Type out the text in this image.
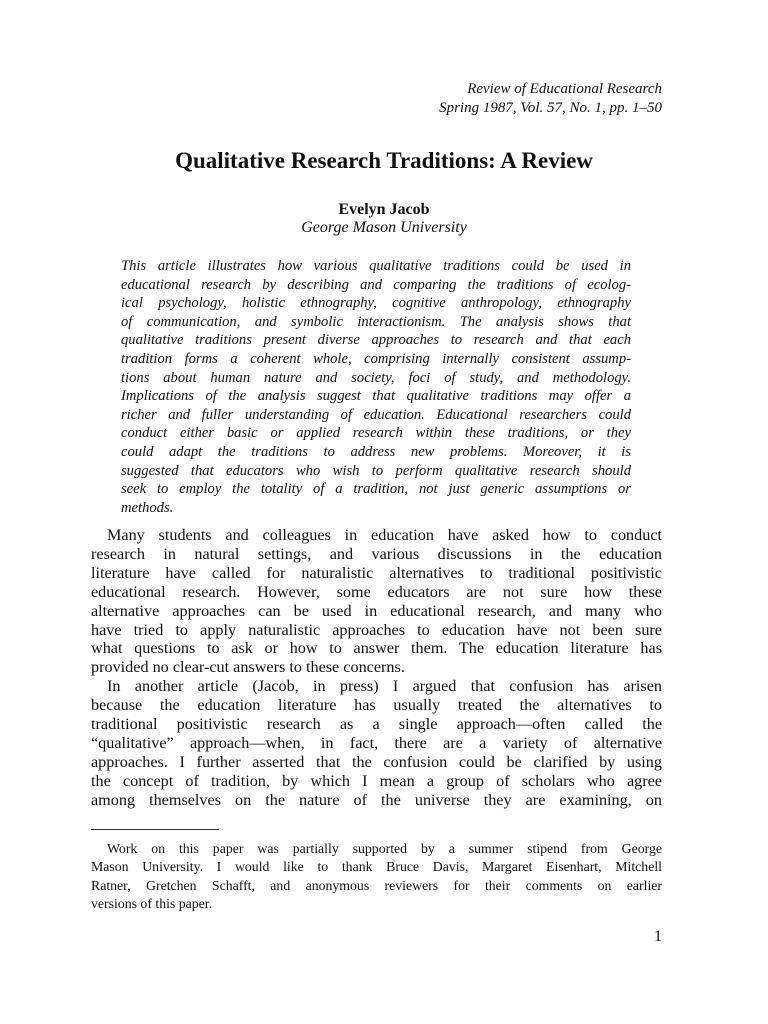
Review of Educational Research
Spring 1987, Vol. 57, No. 1, pp. 1–50
Qualitative Research Traditions: A Review
Evelyn Jacob
George Mason University
This article illustrates how various qualitative traditions could be used in
educational research by describing and comparing the traditions of ecolog-
ical psychology, holistic ethnography, cognitive anthropology, ethnography
of communication, and symbolic interactionism. The analysis shows that
qualitative traditions present diverse approaches to research and that each
tradition forms a coherent whole, comprising internally consistent assump-
tions about human nature and society, foci of study, and methodology.
Implications of the analysis suggest that qualitative traditions may offer a
richer and fuller understanding of education. Educational researchers could
conduct either basic or applied research within these traditions, or they
could adapt the traditions to address new problems. Moreover, it is
suggested that educators who wish to perform qualitative research should
seek to employ the totality of a tradition, not just generic assumptions or
methods.
Many students and colleagues in education have asked how to conduct
research in natural settings, and various discussions in the education
literature have called for naturalistic alternatives to traditional positivistic
educational research. However, some educators are not sure how these
alternative approaches can be used in educational research, and many who
have tried to apply naturalistic approaches to education have not been sure
what questions to ask or how to answer them. The education literature has
provided no clear-cut answers to these concerns.
In another article (Jacob, in press) I argued that confusion has arisen
because the education literature has usually treated the alternatives to
traditional positivistic research as a single approach—often called the
“qualitative” approach—when, in fact, there are a variety of alternative
approaches. I further asserted that the confusion could be clarified by using
the concept of tradition, by which I mean a group of scholars who agree
among themselves on the nature of the universe they are examining, on
Work on this paper was partially supported by a summer stipend from George
Mason University. I would like to thank Bruce Davis, Margaret Eisenhart, Mitchell
Ratner, Gretchen Schafft, and anonymous reviewers for their comments on earlier
versions of this paper.
1
